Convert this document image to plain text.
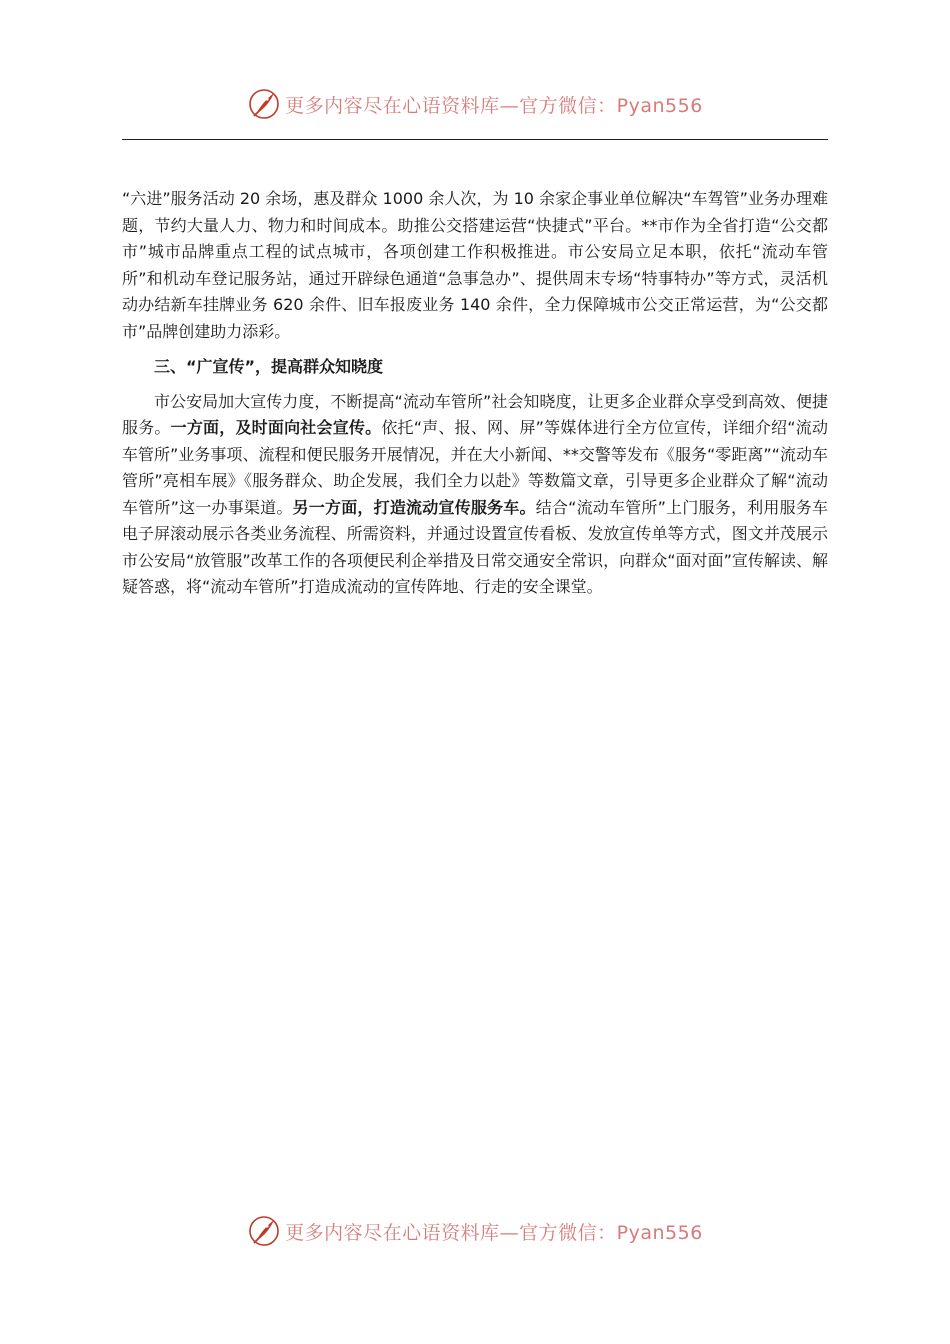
更多内容尽在心语资料库—官方微信：Pyan556

“六进”服务活动 20 余场，惠及群众 1000 余人次，为 10 余家企事业单位解决“车驾管”业务办理难题，节约大量人力、物力和时间成本。助推公交搭建运营“快捷式”平台。**市作为全省打造“公交都市”城市品牌重点工程的试点城市，各项创建工作积极推进。市公安局立足本职，依托“流动车管所”和机动车登记服务站，通过开辟绿色通道“急事急办”、提供周末专场“特事特办”等方式，灵活机动办结新车挂牌业务 620 余件、旧车报废业务 140 余件，全力保障城市公交正常运营，为“公交都市”品牌创建助力添彩。

三、“广宣传”，提高群众知晓度

市公安局加大宣传力度，不断提高“流动车管所”社会知晓度，让更多企业群众享受到高效、便捷服务。一方面，及时面向社会宣传。依托“声、报、网、屏”等媒体进行全方位宣传，详细介绍“流动车管所”业务事项、流程和便民服务开展情况，并在大小新闻、**交警等发布《服务“零距离”“流动车管所”亮相车展》《服务群众、助企发展，我们全力以赴》等数篇文章，引导更多企业群众了解“流动车管所”这一办事渠道。另一方面，打造流动宣传服务车。结合“流动车管所”上门服务，利用服务车电子屏滚动展示各类业务流程、所需资料，并通过设置宣传看板、发放宣传单等方式，图文并茂展示市公安局“放管服”改革工作的各项便民利企举措及日常交通安全常识，向群众“面对面”宣传解读、解疑答惑，将“流动车管所”打造成流动的宣传阵地、行走的安全课堂。

更多内容尽在心语资料库—官方微信：Pyan556
